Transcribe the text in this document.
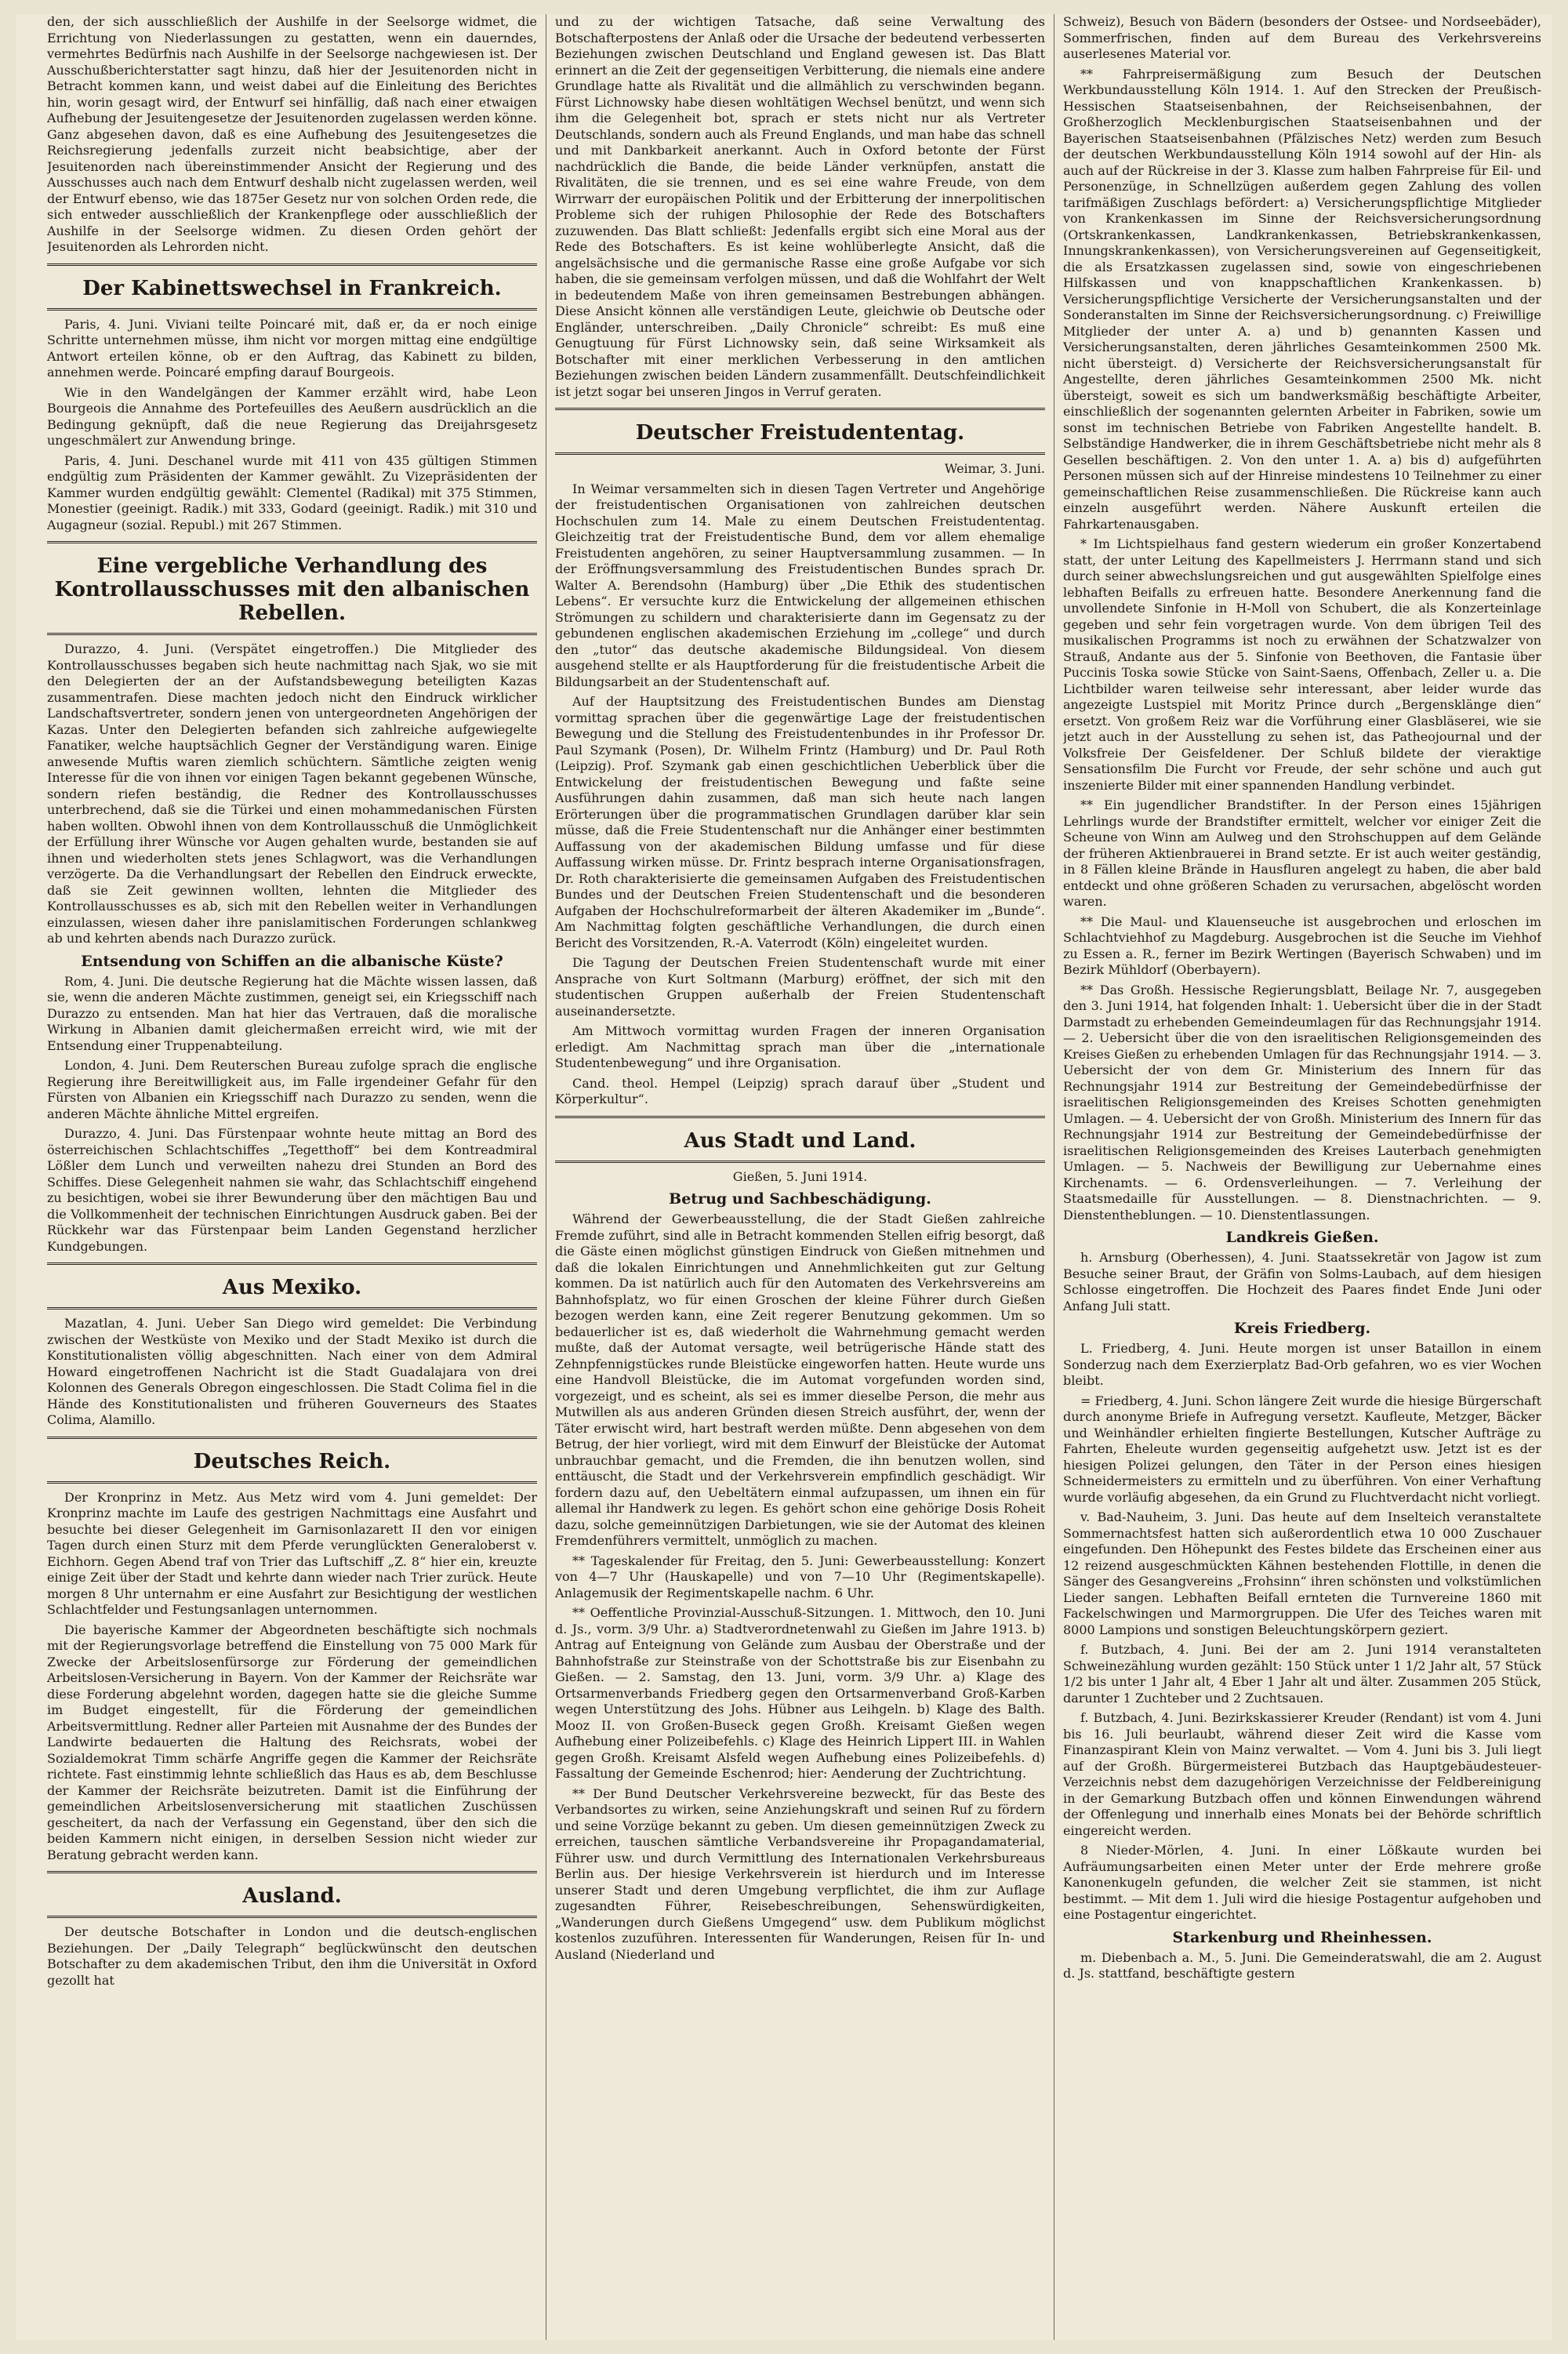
den, der sich ausschließlich der Aushilfe in der Seelsorge widmet, die Errichtung von Niederlassungen zu gestatten, wenn ein dauerndes, vermehrtes Bedürfnis nach Aushilfe in der Seelsorge nachgewiesen ist. Der Ausschußberichterstatter sagt hinzu, daß hier der Jesuitenorden nicht in Betracht kommen kann, und weist dabei auf die Einleitung des Berichtes hin, worin gesagt wird, der Entwurf sei hinfällig, daß nach einer etwaigen Aufhebung der Jesuitengesetze der Jesuitenorden zugelassen werden könne. Ganz abgesehen davon, daß es eine Aufhebung des Jesuitengesetzes die Reichsregierung jedenfalls zurzeit nicht beabsichtige, aber der Jesuitenorden nach übereinstimmender Ansicht der Regierung und des Ausschusses auch nach dem Entwurf deshalb nicht zugelassen werden, weil der Entwurf ebenso, wie das 1875er Gesetz nur von solchen Orden rede, die sich entweder ausschließlich der Krankenpflege oder ausschließlich der Aushilfe in der Seelsorge widmen. Zu diesen Orden gehört der Jesuitenorden als Lehrorden nicht.

Der Kabinettswechsel in Frankreich.

Paris, 4. Juni. Viviani teilte Poincaré mit, daß er, da er noch einige Schritte unternehmen müsse, ihm nicht vor morgen mittag eine endgültige Antwort erteilen könne, ob er den Auftrag, das Kabinett zu bilden, annehmen werde. Poincaré empfing darauf Bourgeois.

Wie in den Wandelgängen der Kammer erzählt wird, habe Leon Bourgeois die Annahme des Portefeuilles des Aeußern ausdrücklich an die Bedingung geknüpft, daß die neue Regierung das Dreijahrsgesetz ungeschmälert zur Anwendung bringe.

Paris, 4. Juni. Deschanel wurde mit 411 von 435 gültigen Stimmen endgültig zum Präsidenten der Kammer gewählt. Zu Vizepräsidenten der Kammer wurden endgültig gewählt: Clementel (Radikal) mit 375 Stimmen, Monestier (geeinigt. Radik.) mit 333, Godard (geeinigt. Radik.) mit 310 und Augagneur (sozial. Republ.) mit 267 Stimmen.

Eine vergebliche Verhandlung des Kontrollausschusses mit den albanischen Rebellen.

Durazzo, 4. Juni. (Verspätet eingetroffen.) Die Mitglieder des Kontrollausschusses begaben sich heute nachmittag nach Sjak, wo sie mit den Delegierten der an der Aufstandsbewegung beteiligten Kazas zusammentrafen. Diese machten jedoch nicht den Eindruck wirklicher Landschaftsvertreter, sondern jenen von untergeordneten Angehörigen der Kazas. Unter den Delegierten befanden sich zahlreiche aufgewiegelte Fanatiker, welche hauptsächlich Gegner der Verständigung waren. Einige anwesende Muftis waren ziemlich schüchtern. Sämtliche zeigten wenig Interesse für die von ihnen vor einigen Tagen bekannt gegebenen Wünsche, sondern riefen beständig, die Redner des Kontrollausschusses unterbrechend, daß sie die Türkei und einen mohammedanischen Fürsten haben wollten. Obwohl ihnen von dem Kontrollausschuß die Unmöglichkeit der Erfüllung ihrer Wünsche vor Augen gehalten wurde, bestanden sie auf ihnen und wiederholten stets jenes Schlagwort, was die Verhandlungen verzögerte. Da die Verhandlungsart der Rebellen den Eindruck erweckte, daß sie Zeit gewinnen wollten, lehnten die Mitglieder des Kontrollausschusses es ab, sich mit den Rebellen weiter in Verhandlungen einzulassen, wiesen daher ihre panislamitischen Forderungen schlankweg ab und kehrten abends nach Durazzo zurück.

Entsendung von Schiffen an die albanische Küste?

Rom, 4. Juni. Die deutsche Regierung hat die Mächte wissen lassen, daß sie, wenn die anderen Mächte zustimmen, geneigt sei, ein Kriegsschiff nach Durazzo zu entsenden. Man hat hier das Vertrauen, daß die moralische Wirkung in Albanien damit gleichermaßen erreicht wird, wie mit der Entsendung einer Truppenabteilung.

London, 4. Juni. Dem Reuterschen Bureau zufolge sprach die englische Regierung ihre Bereitwilligkeit aus, im Falle irgendeiner Gefahr für den Fürsten von Albanien ein Kriegsschiff nach Durazzo zu senden, wenn die anderen Mächte ähnliche Mittel ergreifen.

Durazzo, 4. Juni. Das Fürstenpaar wohnte heute mittag an Bord des österreichischen Schlachtschiffes „Tegetthoff“ bei dem Kontreadmiral Lößler dem Lunch und verweilten nahezu drei Stunden an Bord des Schiffes. Diese Gelegenheit nahmen sie wahr, das Schlachtschiff eingehend zu besichtigen, wobei sie ihrer Bewunderung über den mächtigen Bau und die Vollkommenheit der technischen Einrichtungen Ausdruck gaben. Bei der Rückkehr war das Fürstenpaar beim Landen Gegenstand herzlicher Kundgebungen.

Aus Mexiko.

Mazatlan, 4. Juni. Ueber San Diego wird gemeldet: Die Verbindung zwischen der Westküste von Mexiko und der Stadt Mexiko ist durch die Konstitutionalisten völlig abgeschnitten. Nach einer von dem Admiral Howard eingetroffenen Nachricht ist die Stadt Guadalajara von drei Kolonnen des Generals Obregon eingeschlossen. Die Stadt Colima fiel in die Hände des Konstitutionalisten und früheren Gouverneurs des Staates Colima, Alamillo.

Deutsches Reich.

Der Kronprinz in Metz. Aus Metz wird vom 4. Juni gemeldet: Der Kronprinz machte im Laufe des gestrigen Nachmittags eine Ausfahrt und besuchte bei dieser Gelegenheit im Garnisonlazarett II den vor einigen Tagen durch einen Sturz mit dem Pferde verunglückten Generaloberst v. Eichhorn. Gegen Abend traf von Trier das Luftschiff „Z. 8“ hier ein, kreuzte einige Zeit über der Stadt und kehrte dann wieder nach Trier zurück. Heute morgen 8 Uhr unternahm er eine Ausfahrt zur Besichtigung der westlichen Schlachtfelder und Festungsanlagen unternommen.

Die bayerische Kammer der Abgeordneten beschäftigte sich nochmals mit der Regierungsvorlage betreffend die Einstellung von 75 000 Mark für Zwecke der Arbeitslosenfürsorge zur Förderung der gemeindlichen Arbeitslosen-Versicherung in Bayern. Von der Kammer der Reichsräte war diese Forderung abgelehnt worden, dagegen hatte sie die gleiche Summe im Budget eingestellt, für die Förderung der gemeindlichen Arbeitsvermittlung. Redner aller Parteien mit Ausnahme der des Bundes der Landwirte bedauerten die Haltung des Reichsrats, wobei der Sozialdemokrat Timm schärfe Angriffe gegen die Kammer der Reichsräte richtete. Fast einstimmig lehnte schließlich das Haus es ab, dem Beschlusse der Kammer der Reichsräte beizutreten. Damit ist die Einführung der gemeindlichen Arbeitslosenversicherung mit staatlichen Zuschüssen gescheitert, da nach der Verfassung ein Gegenstand, über den sich die beiden Kammern nicht einigen, in derselben Session nicht wieder zur Beratung gebracht werden kann.

Ausland.

Der deutsche Botschafter in London und die deutsch-englischen Beziehungen. Der „Daily Telegraph“ beglückwünscht den deutschen Botschafter zu dem akademischen Tribut, den ihm die Universität in Oxford gezollt hat

und zu der wichtigen Tatsache, daß seine Verwaltung des Botschafterpostens der Anlaß oder die Ursache der bedeutend verbesserten Beziehungen zwischen Deutschland und England gewesen ist. Das Blatt erinnert an die Zeit der gegenseitigen Verbitterung, die niemals eine andere Grundlage hatte als Rivalität und die allmählich zu verschwinden begann. Fürst Lichnowsky habe diesen wohltätigen Wechsel benützt, und wenn sich ihm die Gelegenheit bot, sprach er stets nicht nur als Vertreter Deutschlands, sondern auch als Freund Englands, und man habe das schnell und mit Dankbarkeit anerkannt. Auch in Oxford betonte der Fürst nachdrücklich die Bande, die beide Länder verknüpfen, anstatt die Rivalitäten, die sie trennen, und es sei eine wahre Freude, von dem Wirrwarr der europäischen Politik und der Erbitterung der innerpolitischen Probleme sich der ruhigen Philosophie der Rede des Botschafters zuzuwenden. Das Blatt schließt: Jedenfalls ergibt sich eine Moral aus der Rede des Botschafters. Es ist keine wohlüberlegte Ansicht, daß die angelsächsische und die germanische Rasse eine große Aufgabe vor sich haben, die sie gemeinsam verfolgen müssen, und daß die Wohlfahrt der Welt in bedeutendem Maße von ihren gemeinsamen Bestrebungen abhängen. Diese Ansicht können alle verständigen Leute, gleichwie ob Deutsche oder Engländer, unterschreiben. „Daily Chronicle“ schreibt: Es muß eine Genugtuung für Fürst Lichnowsky sein, daß seine Wirksamkeit als Botschafter mit einer merklichen Verbesserung in den amtlichen Beziehungen zwischen beiden Ländern zusammenfällt. Deutschfeindlichkeit ist jetzt sogar bei unseren Jingos in Verruf geraten.

Deutscher Freistudententag.

Weimar, 3. Juni.

In Weimar versammelten sich in diesen Tagen Vertreter und Angehörige der freistudentischen Organisationen von zahlreichen deutschen Hochschulen zum 14. Male zu einem Deutschen Freistudententag. Gleichzeitig trat der Freistudentische Bund, dem vor allem ehemalige Freistudenten angehören, zu seiner Hauptversammlung zusammen. — In der Eröffnungsversammlung des Freistudentischen Bundes sprach Dr. Walter A. Berendsohn (Hamburg) über „Die Ethik des studentischen Lebens“. Er versuchte kurz die Entwickelung der allgemeinen ethischen Strömungen zu schildern und charakterisierte dann im Gegensatz zu der gebundenen englischen akademischen Erziehung im „college“ und durch den „tutor“ das deutsche akademische Bildungsideal. Von diesem ausgehend stellte er als Hauptforderung für die freistudentische Arbeit die Bildungsarbeit an der Studentenschaft auf.

Auf der Hauptsitzung des Freistudentischen Bundes am Dienstag vormittag sprachen über die gegenwärtige Lage der freistudentischen Bewegung und die Stellung des Freistudentenbundes in ihr Professor Dr. Paul Szymank (Posen), Dr. Wilhelm Frintz (Hamburg) und Dr. Paul Roth (Leipzig). Prof. Szymank gab einen geschichtlichen Ueberblick über die Entwickelung der freistudentischen Bewegung und faßte seine Ausführungen dahin zusammen, daß man sich heute nach langen Erörterungen über die programmatischen Grundlagen darüber klar sein müsse, daß die Freie Studentenschaft nur die Anhänger einer bestimmten Auffassung von der akademischen Bildung umfasse und für diese Auffassung wirken müsse. Dr. Frintz besprach interne Organisationsfragen, Dr. Roth charakterisierte die gemeinsamen Aufgaben des Freistudentischen Bundes und der Deutschen Freien Studentenschaft und die besonderen Aufgaben der Hochschulreformarbeit der älteren Akademiker im „Bunde“. Am Nachmittag folgten geschäftliche Verhandlungen, die durch einen Bericht des Vorsitzenden, R.-A. Vaterrodt (Köln) eingeleitet wurden.

Die Tagung der Deutschen Freien Studentenschaft wurde mit einer Ansprache von Kurt Soltmann (Marburg) eröffnet, der sich mit den studentischen Gruppen außerhalb der Freien Studentenschaft auseinandersetzte.

Am Mittwoch vormittag wurden Fragen der inneren Organisation erledigt. Am Nachmittag sprach man über die „internationale Studentenbewegung“ und ihre Organisation.

Cand. theol. Hempel (Leipzig) sprach darauf über „Student und Körperkultur“.

Aus Stadt und Land.

Gießen, 5. Juni 1914.

Betrug und Sachbeschädigung.

Während der Gewerbeausstellung, die der Stadt Gießen zahlreiche Fremde zuführt, sind alle in Betracht kommenden Stellen eifrig besorgt, daß die Gäste einen möglichst günstigen Eindruck von Gießen mitnehmen und daß die lokalen Einrichtungen und Annehmlichkeiten gut zur Geltung kommen. Da ist natürlich auch für den Automaten des Verkehrsvereins am Bahnhofsplatz, wo für einen Groschen der kleine Führer durch Gießen bezogen werden kann, eine Zeit regerer Benutzung gekommen. Um so bedauerlicher ist es, daß wiederholt die Wahrnehmung gemacht werden mußte, daß der Automat versagte, weil betrügerische Hände statt des Zehnpfennigstückes runde Bleistücke eingeworfen hatten. Heute wurde uns eine Handvoll Bleistücke, die im Automat vorgefunden worden sind, vorgezeigt, und es scheint, als sei es immer dieselbe Person, die mehr aus Mutwillen als aus anderen Gründen diesen Streich ausführt, der, wenn der Täter erwischt wird, hart bestraft werden müßte. Denn abgesehen von dem Betrug, der hier vorliegt, wird mit dem Einwurf der Bleistücke der Automat unbrauchbar gemacht, und die Fremden, die ihn benutzen wollen, sind enttäuscht, die Stadt und der Verkehrsverein empfindlich geschädigt. Wir fordern dazu auf, den Uebeltätern einmal aufzupassen, um ihnen ein für allemal ihr Handwerk zu legen. Es gehört schon eine gehörige Dosis Roheit dazu, solche gemeinnützigen Darbietungen, wie sie der Automat des kleinen Fremdenführers vermittelt, unmöglich zu machen.

** Tageskalender für Freitag, den 5. Juni: Gewerbeausstellung: Konzert von 4—7 Uhr (Hauskapelle) und von 7—10 Uhr (Regimentskapelle). Anlagemusik der Regimentskapelle nachm. 6 Uhr.

** Oeffentliche Provinzial-Ausschuß-Sitzungen. 1. Mittwoch, den 10. Juni d. Js., vorm. 3/9 Uhr. a) Stadtverordnetenwahl zu Gießen im Jahre 1913. b) Antrag auf Enteignung von Gelände zum Ausbau der Oberstraße und der Bahnhofstraße zur Steinstraße von der Schottstraße bis zur Eisenbahn zu Gießen. — 2. Samstag, den 13. Juni, vorm. 3/9 Uhr. a) Klage des Ortsarmenverbands Friedberg gegen den Ortsarmenverband Groß-Karben wegen Unterstützung des Johs. Hübner aus Leihgeln. b) Klage des Balth. Mooz II. von Großen-Buseck gegen Großh. Kreisamt Gießen wegen Aufhebung einer Polizeibefehls. c) Klage des Heinrich Lippert III. in Wahlen gegen Großh. Kreisamt Alsfeld wegen Aufhebung eines Polizeibefehls. d) Fassaltung der Gemeinde Eschenrod; hier: Aenderung der Zuchtrichtung.

** Der Bund Deutscher Verkehrsvereine bezweckt, für das Beste des Verbandsortes zu wirken, seine Anziehungskraft und seinen Ruf zu fördern und seine Vorzüge bekannt zu geben. Um diesen gemeinnützigen Zweck zu erreichen, tauschen sämtliche Verbandsvereine ihr Propagandamaterial, Führer usw. und durch Vermittlung des Internationalen Verkehrsbureaus Berlin aus. Der hiesige Verkehrsverein ist hierdurch und im Interesse unserer Stadt und deren Umgebung verpflichtet, die ihm zur Auflage zugesandten Führer, Reisebeschreibungen, Sehenswürdigkeiten, „Wanderungen durch Gießens Umgegend“ usw. dem Publikum möglichst kostenlos zuzuführen. Interessenten für Wanderungen, Reisen für In- und Ausland (Niederland und

Schweiz), Besuch von Bädern (besonders der Ostsee- und Nordseebäder), Sommerfrischen, finden auf dem Bureau des Verkehrsvereins auserlesenes Material vor.

** Fahrpreisermäßigung zum Besuch der Deutschen Werkbundausstellung Köln 1914. 1. Auf den Strecken der Preußisch-Hessischen Staatseisenbahnen, der Reichseisenbahnen, der Großherzoglich Mecklenburgischen Staatseisenbahnen und der Bayerischen Staatseisenbahnen (Pfälzisches Netz) werden zum Besuch der deutschen Werkbundausstellung Köln 1914 sowohl auf der Hin- als auch auf der Rückreise in der 3. Klasse zum halben Fahrpreise für Eil- und Personenzüge, in Schnellzügen außerdem gegen Zahlung des vollen tarifmäßigen Zuschlags befördert: a) Versicherungspflichtige Mitglieder von Krankenkassen im Sinne der Reichsversicherungsordnung (Ortskrankenkassen, Landkrankenkassen, Betriebskrankenkassen, Innungskrankenkassen), von Versicherungsvereinen auf Gegenseitigkeit, die als Ersatzkassen zugelassen sind, sowie von eingeschriebenen Hilfskassen und von knappschaftlichen Krankenkassen. b) Versicherungspflichtige Versicherte der Versicherungsanstalten und der Sonderanstalten im Sinne der Reichsversicherungsordnung. c) Freiwillige Mitglieder der unter A. a) und b) genannten Kassen und Versicherungsanstalten, deren jährliches Gesamteinkommen 2500 Mk. nicht übersteigt. d) Versicherte der Reichsversicherungsanstalt für Angestellte, deren jährliches Gesamteinkommen 2500 Mk. nicht übersteigt, soweit es sich um bandwerksmäßig beschäftigte Arbeiter, einschließlich der sogenannten gelernten Arbeiter in Fabriken, sowie um sonst im technischen Betriebe von Fabriken Angestellte handelt. B. Selbständige Handwerker, die in ihrem Geschäftsbetriebe nicht mehr als 8 Gesellen beschäftigen. 2. Von den unter 1. A. a) bis d) aufgeführten Personen müssen sich auf der Hinreise mindestens 10 Teilnehmer zu einer gemeinschaftlichen Reise zusammenschließen. Die Rückreise kann auch einzeln ausgeführt werden. Nähere Auskunft erteilen die Fahrkartenausgaben.

* Im Lichtspielhaus fand gestern wiederum ein großer Konzertabend statt, der unter Leitung des Kapellmeisters J. Herrmann stand und sich durch seiner abwechslungsreichen und gut ausgewählten Spielfolge eines lebhaften Beifalls zu erfreuen hatte. Besondere Anerkennung fand die unvollendete Sinfonie in H-Moll von Schubert, die als Konzerteinlage gegeben und sehr fein vorgetragen wurde. Von dem übrigen Teil des musikalischen Programms ist noch zu erwähnen der Schatzwalzer von Strauß, Andante aus der 5. Sinfonie von Beethoven, die Fantasie über Puccinis Toska sowie Stücke von Saint-Saens, Offenbach, Zeller u. a. Die Lichtbilder waren teilweise sehr interessant, aber leider wurde das angezeigte Lustspiel mit Moritz Prince durch „Bergensklänge dien“ ersetzt. Von großem Reiz war die Vorführung einer Glasbläserei, wie sie jetzt auch in der Ausstellung zu sehen ist, das Patheojournal und der Volksfreie Der Geisfeldener. Der Schluß bildete der vieraktige Sensationsfilm Die Furcht vor Freude, der sehr schöne und auch gut inszenierte Bilder mit einer spannenden Handlung verbindet.

** Ein jugendlicher Brandstifter. In der Person eines 15jährigen Lehrlings wurde der Brandstifter ermittelt, welcher vor einiger Zeit die Scheune von Winn am Aulweg und den Strohschuppen auf dem Gelände der früheren Aktienbrauerei in Brand setzte. Er ist auch weiter geständig, in 8 Fällen kleine Brände in Hausfluren angelegt zu haben, die aber bald entdeckt und ohne größeren Schaden zu verursachen, abgelöscht worden waren.

** Die Maul- und Klauenseuche ist ausgebrochen und erloschen im Schlachtviehhof zu Magdeburg. Ausgebrochen ist die Seuche im Viehhof zu Essen a. R., ferner im Bezirk Wertingen (Bayerisch Schwaben) und im Bezirk Mühldorf (Oberbayern).

** Das Großh. Hessische Regierungsblatt, Beilage Nr. 7, ausgegeben den 3. Juni 1914, hat folgenden Inhalt: 1. Uebersicht über die in der Stadt Darmstadt zu erhebenden Gemeindeumlagen für das Rechnungsjahr 1914. — 2. Uebersicht über die von den israelitischen Religionsgemeinden des Kreises Gießen zu erhebenden Umlagen für das Rechnungsjahr 1914. — 3. Uebersicht der von dem Gr. Ministerium des Innern für das Rechnungsjahr 1914 zur Bestreitung der Gemeindebedürfnisse der israelitischen Religionsgemeinden des Kreises Schotten genehmigten Umlagen. — 4. Uebersicht der von Großh. Ministerium des Innern für das Rechnungsjahr 1914 zur Bestreitung der Gemeindebedürfnisse der israelitischen Religionsgemeinden des Kreises Lauterbach genehmigten Umlagen. — 5. Nachweis der Bewilligung zur Uebernahme eines Kirchenamts. — 6. Ordensverleihungen. — 7. Verleihung der Staatsmedaille für Ausstellungen. — 8. Dienstnachrichten. — 9. Dienstentheblungen. — 10. Dienstentlassungen.

Landkreis Gießen.

h. Arnsburg (Oberhessen), 4. Juni. Staatssekretär von Jagow ist zum Besuche seiner Braut, der Gräfin von Solms-Laubach, auf dem hiesigen Schlosse eingetroffen. Die Hochzeit des Paares findet Ende Juni oder Anfang Juli statt.

Kreis Friedberg.

L. Friedberg, 4. Juni. Heute morgen ist unser Bataillon in einem Sonderzug nach dem Exerzierplatz Bad-Orb gefahren, wo es vier Wochen bleibt.

= Friedberg, 4. Juni. Schon längere Zeit wurde die hiesige Bürgerschaft durch anonyme Briefe in Aufregung versetzt. Kaufleute, Metzger, Bäcker und Weinhändler erhielten fingierte Bestellungen, Kutscher Aufträge zu Fahrten, Eheleute wurden gegenseitig aufgehetzt usw. Jetzt ist es der hiesigen Polizei gelungen, den Täter in der Person eines hiesigen Schneidermeisters zu ermitteln und zu überführen. Von einer Verhaftung wurde vorläufig abgesehen, da ein Grund zu Fluchtverdacht nicht vorliegt.

v. Bad-Nauheim, 3. Juni. Das heute auf dem Inselteich veranstaltete Sommernachtsfest hatten sich außerordentlich etwa 10 000 Zuschauer eingefunden. Den Höhepunkt des Festes bildete das Erscheinen einer aus 12 reizend ausgeschmückten Kähnen bestehenden Flottille, in denen die Sänger des Gesangvereins „Frohsinn“ ihren schönsten und volkstümlichen Lieder sangen. Lebhaften Beifall ernteten die Turnvereine 1860 mit Fackelschwingen und Marmorgruppen. Die Ufer des Teiches waren mit 8000 Lampions und sonstigen Beleuchtungskörpern geziert.

f. Butzbach, 4. Juni. Bei der am 2. Juni 1914 veranstalteten Schweinezählung wurden gezählt: 150 Stück unter 1 1/2 Jahr alt, 57 Stück 1/2 bis unter 1 Jahr alt, 4 Eber 1 Jahr alt und älter. Zusammen 205 Stück, darunter 1 Zuchteber und 2 Zuchtsauen.

f. Butzbach, 4. Juni. Bezirkskassierer Kreuder (Rendant) ist vom 4. Juni bis 16. Juli beurlaubt, während dieser Zeit wird die Kasse vom Finanzaspirant Klein von Mainz verwaltet. — Vom 4. Juni bis 3. Juli liegt auf der Großh. Bürgermeisterei Butzbach das Hauptgebäudesteuer-Verzeichnis nebst dem dazugehörigen Verzeichnisse der Feldbereinigung in der Gemarkung Butzbach offen und können Einwendungen während der Offenlegung und innerhalb eines Monats bei der Behörde schriftlich eingereicht werden.

8 Nieder-Mörlen, 4. Juni. In einer Lößkaute wurden bei Aufräumungsarbeiten einen Meter unter der Erde mehrere große Kanonenkugeln gefunden, die welcher Zeit sie stammen, ist nicht bestimmt. — Mit dem 1. Juli wird die hiesige Postagentur aufgehoben und eine Postagentur eingerichtet.

Starkenburg und Rheinhessen.

m. Diebenbach a. M., 5. Juni. Die Gemeinderatswahl, die am 2. August d. Js. stattfand, beschäftigte gestern
